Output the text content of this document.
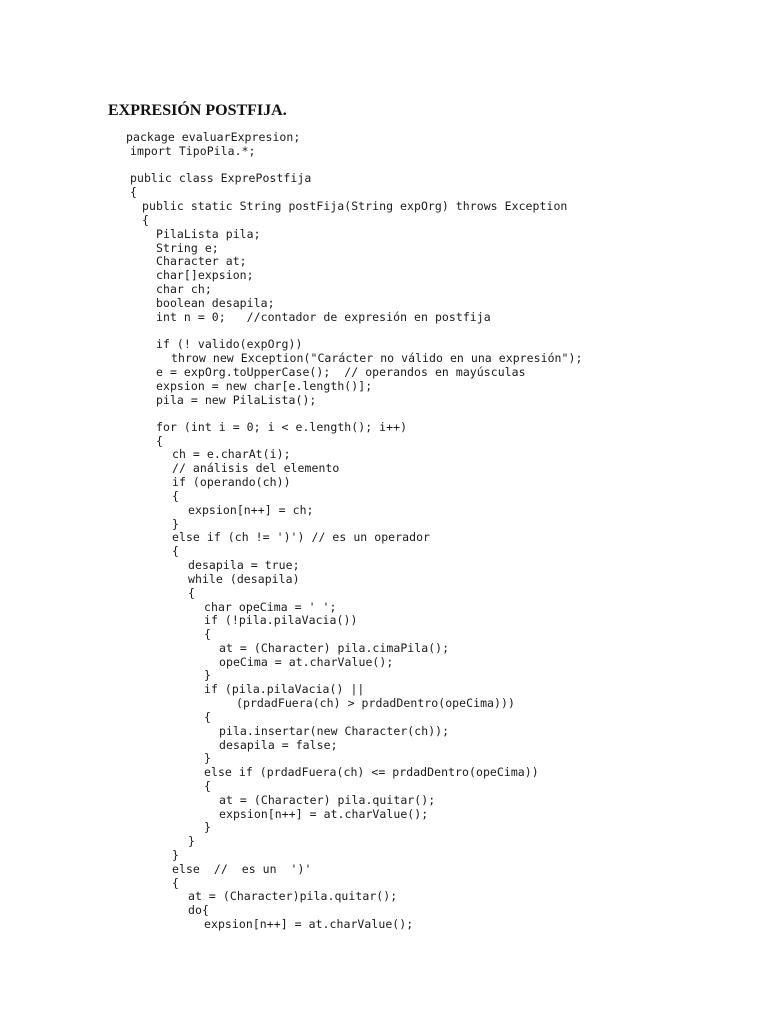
EXPRESIÓN POSTFIJA.
package evaluarExpresion;
import TipoPila.*;
public class ExprePostfija
{
public static String postFija(String expOrg) throws Exception
{
PilaLista pila;
String e;
Character at;
char[]expsion;
char ch;
boolean desapila;
int n = 0;   //contador de expresión en postfija
if (! valido(expOrg))
throw new Exception("Carácter no válido en una expresión");
e = expOrg.toUpperCase();  // operandos en mayúsculas
expsion = new char[e.length()];
pila = new PilaLista();
for (int i = 0; i < e.length(); i++)
{
ch = e.charAt(i);
// análisis del elemento
if (operando(ch))
{
expsion[n++] = ch;
}
else if (ch != ')') // es un operador
{
desapila = true;
while (desapila)
{
char opeCima = ' ';
if (!pila.pilaVacia())
{
at = (Character) pila.cimaPila();
opeCima = at.charValue();
}
if (pila.pilaVacia() ||
(prdadFuera(ch) > prdadDentro(opeCima)))
{
pila.insertar(new Character(ch));
desapila = false;
}
else if (prdadFuera(ch) <= prdadDentro(opeCima))
{
at = (Character) pila.quitar();
expsion[n++] = at.charValue();
}
}
}
else  //  es un  ')'
{
at = (Character)pila.quitar();
do{
expsion[n++] = at.charValue();
